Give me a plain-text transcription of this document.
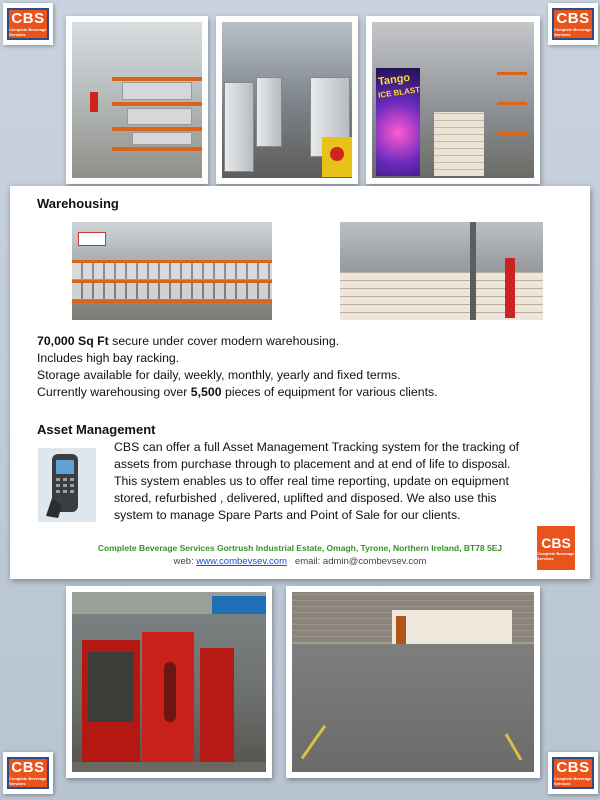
CBS
Complete Beverage Services
CBS
Complete Beverage Services
CBS
Complete Beverage Services
CBS
Complete Beverage Services
Tango
ICE BLAST
Warehousing
70,000 Sq Ft secure under cover modern warehousing.
Includes high bay racking.
Storage available for daily, weekly, monthly, yearly and fixed terms.
Currently warehousing over 5,500 pieces of equipment for various clients.
Asset Management
CBS can offer a full Asset Management Tracking system for the tracking of
assets from purchase through to placement and at end of life to disposal.
This system enables us to offer real time reporting, update on equipment
stored, refurbished , delivered, uplifted and disposed. We also use this
system to manage Spare Parts and Point of Sale for our clients.
Complete Beverage Services Gortrush Industrial Estate, Omagh, Tyrone, Northern Ireland, BT78 5EJ
web: www.combevsev.com   email: admin@combevsev.com
CBS
Complete Beverage Services
